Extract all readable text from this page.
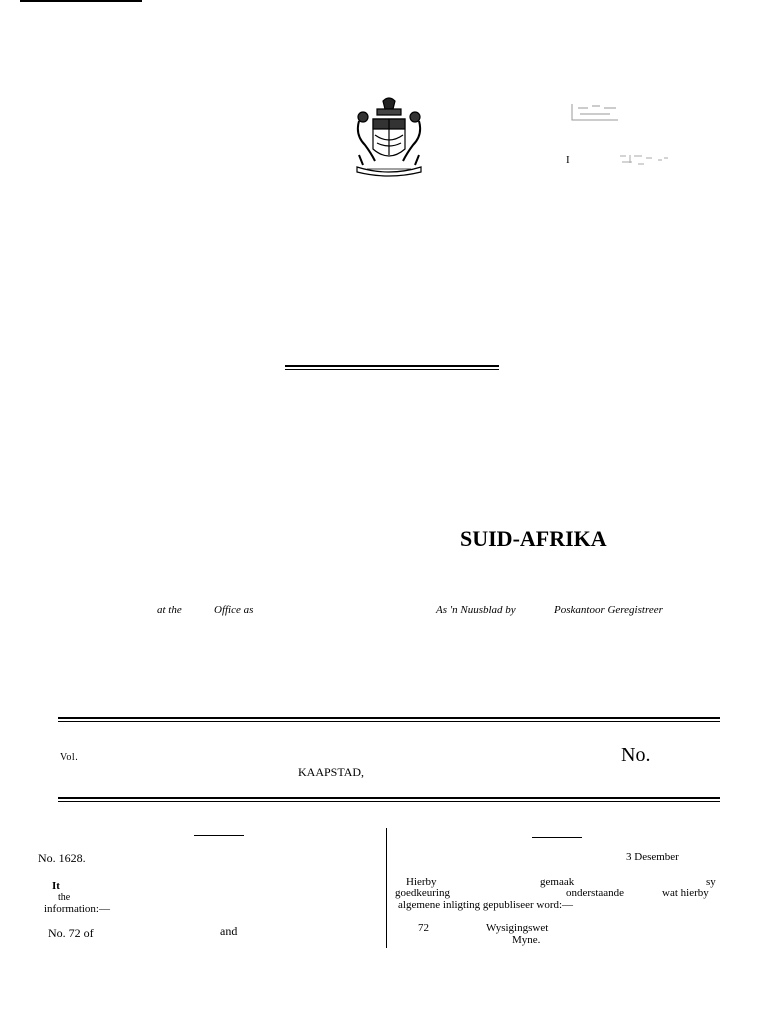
I
SUID-AFRIKA
at the	Office as	As 'n Nuusblad by	Poskantoor Geregistreer
Vol.
KAAPSTAD,
No.
No. 1628.
It
the
information:—
No. 72 of	and
3 Desember
Hierby	gemaak	sy
goedkeuring	onderstaande	wat hierby
algemene inligting gepubliseer word:—
72	Wysigingswet
Myne.
